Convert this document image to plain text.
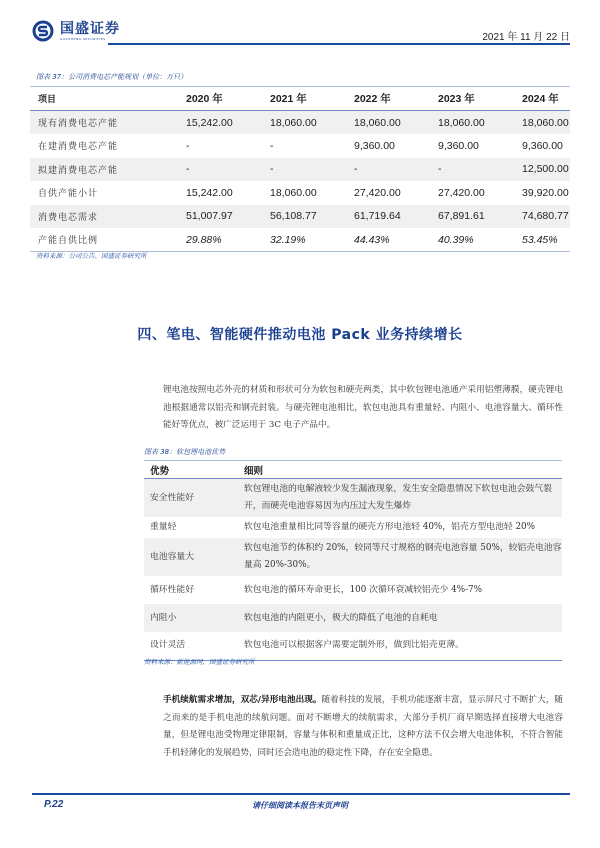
国盛证券
GUOSHENG SECURITIES	2021 年 11 月 22 日
图表 37：公司消费电芯产能规划（单位：万只）
项目	2020 年	2021 年	2022 年	2023 年	2024 年
现有消费电芯产能	15,242.00	18,060.00	18,060.00	18,060.00	18,060.00
在建消费电芯产能	-	-	9,360.00	9,360.00	9,360.00
拟建消费电芯产能	-	-	-	-	12,500.00
自供产能小计	15,242.00	18,060.00	27,420.00	27,420.00	39,920.00
消费电芯需求	51,007.97	56,108.77	61,719.64	67,891.61	74,680.77
产能自供比例	29.88%	32.19%	44.43%	40.39%	53.45%
资料来源：公司公告、国盛证券研究所
四、笔电、智能硬件推动电池 Pack 业务持续增长
锂电池按照电芯外壳的材质和形状可分为软包和硬壳两类，其中软包锂电池通产采用铝塑薄膜，硬壳锂电池根据通常以铝壳和钢壳封装。与硬壳锂电池相比，软包电池具有重量轻、内阻小、电池容量大、循环性能好等优点，被广泛运用于 3C 电子产品中。
图表 38：软包锂电池优势
优势	细则
安全性能好	软包锂电池的电解液较少发生漏液现象，发生安全隐患情况下软包电池会鼓气裂开，而硬壳电池容易因为内压过大发生爆炸
重量轻	软包电池重量相比同等容量的硬壳方形电池轻 40%，铝壳方型电池轻 20%
电池容量大	软包电池节约体积约 20%，较同等尺寸规格的钢壳电池容量 50%，较铝壳电池容量高 20%-30%。
循环性能好	软包电池的循环寿命更长，100 次循环衰减较铝壳少 4%-7%
内阻小	软包电池的内阻更小，极大的降低了电池的自耗电
设计灵活	软包电池可以根据客户需要定制外形，做到比铝壳更薄。
资料来源：新能源网，国盛证券研究所
手机续航需求增加，双芯/异形电池出现。随着科技的发展，手机功能逐渐丰富，显示屏尺寸不断扩大，随之而来的是手机电池的续航问题。面对不断增大的续航需求，大部分手机厂商早期选择直接增大电池容量，但是锂电池受物理定律限制，容量与体积和重量成正比，这种方法不仅会增大电池体积，不符合智能手机轻薄化的发展趋势，同时还会造电池的稳定性下降，存在安全隐患。
P.22	请仔细阅读本报告末页声明
